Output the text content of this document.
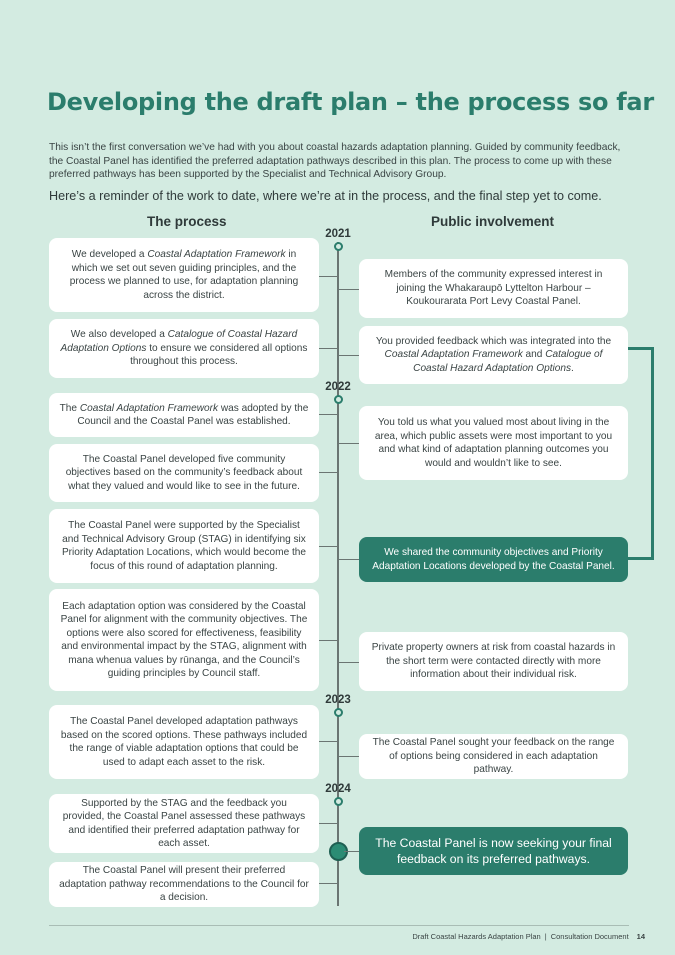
Developing the draft plan – the process so far

This isn’t the first conversation we’ve had with you about coastal hazards adaptation planning. Guided by community feedback, the Coastal Panel has identified the preferred adaptation pathways described in this plan. The process to come up with these preferred pathways has been supported by the Specialist and Technical Advisory Group.

Here’s a reminder of the work to date, where we’re at in the process, and the final step yet to come.

The process	Public involvement
2021
2022
2023
2024
We developed a Coastal Adaptation Framework in which we set out seven guiding principles, and the process we planned to use, for adaptation planning across the district.
We also developed a Catalogue of Coastal Hazard Adaptation Options to ensure we considered all options throughout this process.
The Coastal Adaptation Framework was adopted by the Council and the Coastal Panel was established.
The Coastal Panel developed five community objectives based on the community’s feedback about what they valued and would like to see in the future.
The Coastal Panel were supported by the Specialist and Technical Advisory Group (STAG) in identifying six Priority Adaptation Locations, which would become the focus of this round of adaptation planning.
Each adaptation option was considered by the Coastal Panel for alignment with the community objectives. The options were also scored for effectiveness, feasibility and environmental impact by the STAG, alignment with mana whenua values by rūnanga, and the Council’s guiding principles by Council staff.
The Coastal Panel developed adaptation pathways based on the scored options. These pathways included the range of viable adaptation options that could be used to adapt each asset to the risk.
Supported by the STAG and the feedback you provided, the Coastal Panel assessed these pathways and identified their preferred adaptation pathway for each asset.
The Coastal Panel will present their preferred adaptation pathway recommendations to the Council for a decision.
Members of the community expressed interest in joining the Whakaraupō Lyttelton Harbour – Koukourarata Port Levy Coastal Panel.
You provided feedback which was integrated into the Coastal Adaptation Framework and Catalogue of Coastal Hazard Adaptation Options.
You told us what you valued most about living in the area, which public assets were most important to you and what kind of adaptation planning outcomes you would and wouldn’t like to see.
We shared the community objectives and Priority Adaptation Locations developed by the Coastal Panel.
Private property owners at risk from coastal hazards in the short term were contacted directly with more information about their individual risk.
The Coastal Panel sought your feedback on the range of options being considered in each adaptation pathway.
The Coastal Panel is now seeking your final feedback on its preferred pathways.
Draft Coastal Hazards Adaptation Plan | Consultation Document 14
